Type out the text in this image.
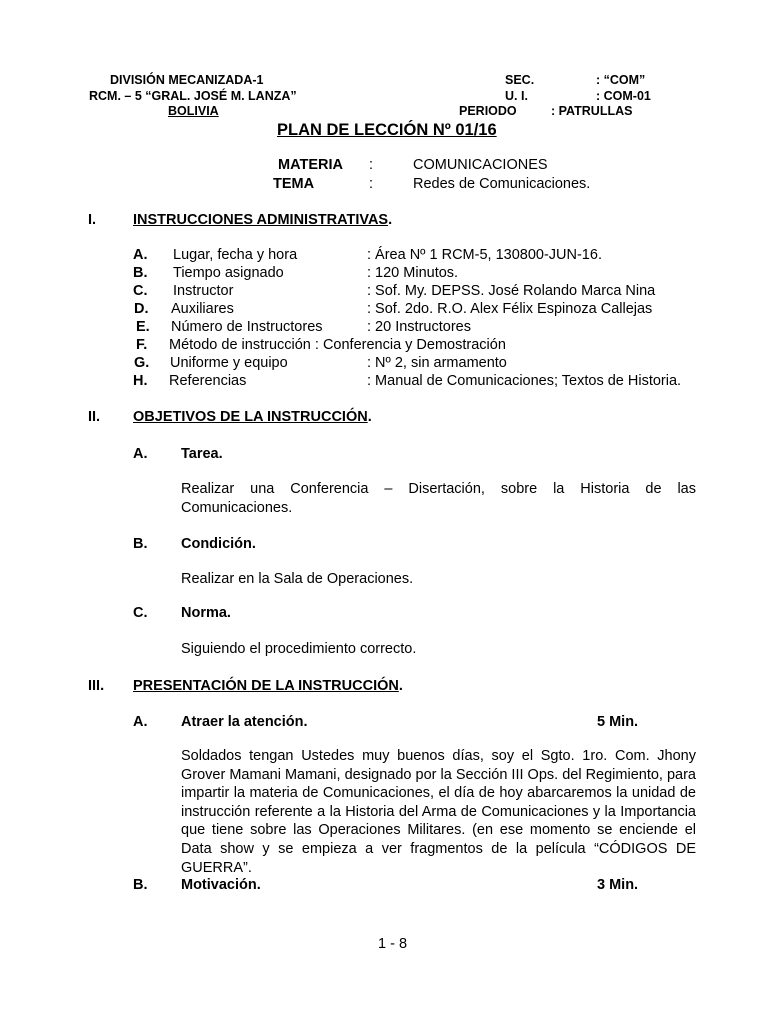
DIVISIÓN MECANIZADA-1
RCM. – 5 “GRAL. JOSÉ M. LANZA”
BOLIVIA
SEC.	: “COM”
U. I.	: COM-01
PERIODO	: PATRULLAS
PLAN DE LECCIÓN Nº 01/16
MATERIA :	COMUNICACIONES
TEMA	:	Redes de Comunicaciones.
I.	INSTRUCCIONES ADMINISTRATIVAS.
A. Lugar, fecha y hora	: Área Nº 1 RCM-5, 130800-JUN-16.
B. Tiempo asignado	: 120 Minutos.
C. Instructor	: Sof. My. DEPSS. José Rolando Marca Nina
D. Auxiliares	: Sof. 2do. R.O. Alex Félix Espinoza Callejas
E. Número de Instructores	: 20 Instructores
F. Método de instrucción : Conferencia y Demostración
G. Uniforme y equipo	: Nº 2, sin armamento
H. Referencias	: Manual de Comunicaciones; Textos de Historia.
II. OBJETIVOS DE LA INSTRUCCIÓN.
A. Tarea.
Realizar una Conferencia – Disertación, sobre la Historia de las Comunicaciones.
B. Condición.
Realizar en la Sala de Operaciones.
C. Norma.
Siguiendo el procedimiento correcto.
III. PRESENTACIÓN DE LA INSTRUCCIÓN.
A. Atraer la atención.	5 Min.
Soldados tengan Ustedes muy buenos días, soy el Sgto. 1ro. Com. Jhony Grover Mamani Mamani, designado por la Sección III Ops. del Regimiento, para impartir la materia de Comunicaciones, el día de hoy abarcaremos la unidad de instrucción referente a la Historia del Arma de Comunicaciones y la Importancia que tiene sobre las Operaciones Militares. (en ese momento se enciende el Data show y se empieza a ver fragmentos de la película “CÓDIGOS DE GUERRA”.
B. Motivación.	3 Min.
1 - 8
